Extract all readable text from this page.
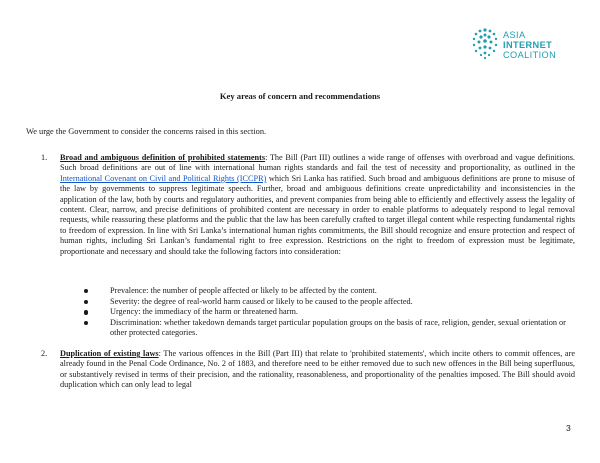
ASIA
INTERNET
COALITION
Key areas of concern and recommendations
We urge the Government to consider the concerns raised in this section.
1. Broad and ambiguous definition of prohibited statements: The Bill (Part III) outlines a wide range of offenses with overbroad and vague definitions. Such broad definitions are out of line with international human rights standards and fail the test of necessity and proportionality, as outlined in the International Covenant on Civil and Political Rights (ICCPR) which Sri Lanka has ratified. Such broad and ambiguous definitions are prone to misuse of the law by governments to suppress legitimate speech. Further, broad and ambiguous definitions create unpredictability and inconsistencies in the application of the law, both by courts and regulatory authorities, and prevent companies from being able to efficiently and effectively assess the legality of content. Clear, narrow, and precise definitions of prohibited content are necessary in order to enable platforms to adequately respond to legal removal requests, while reassuring these platforms and the public that the law has been carefully crafted to target illegal content while respecting fundamental rights to freedom of expression. In line with Sri Lanka’s international human rights commitments, the Bill should recognize and ensure protection and respect of human rights, including Sri Lankan’s fundamental right to free expression. Restrictions on the right to freedom of expression must be legitimate, proportionate and necessary and should take the following factors into consideration:
Prevalence: the number of people affected or likely to be affected by the content.
Severity: the degree of real-world harm caused or likely to be caused to the people affected.
Urgency: the immediacy of the harm or threatened harm.
Discrimination: whether takedown demands target particular population groups on the basis of race, religion, gender, sexual orientation or other protected categories.
2. Duplication of existing laws: The various offences in the Bill (Part III) that relate to 'prohibited statements', which incite others to commit offences, are already found in the Penal Code Ordinance, No. 2 of 1883, and therefore need to be either removed due to such new offences in the Bill being superfluous, or substantively revised in terms of their precision, and the rationality, reasonableness, and proportionality of the penalties imposed. The Bill should avoid duplication which can only lead to legal
3
